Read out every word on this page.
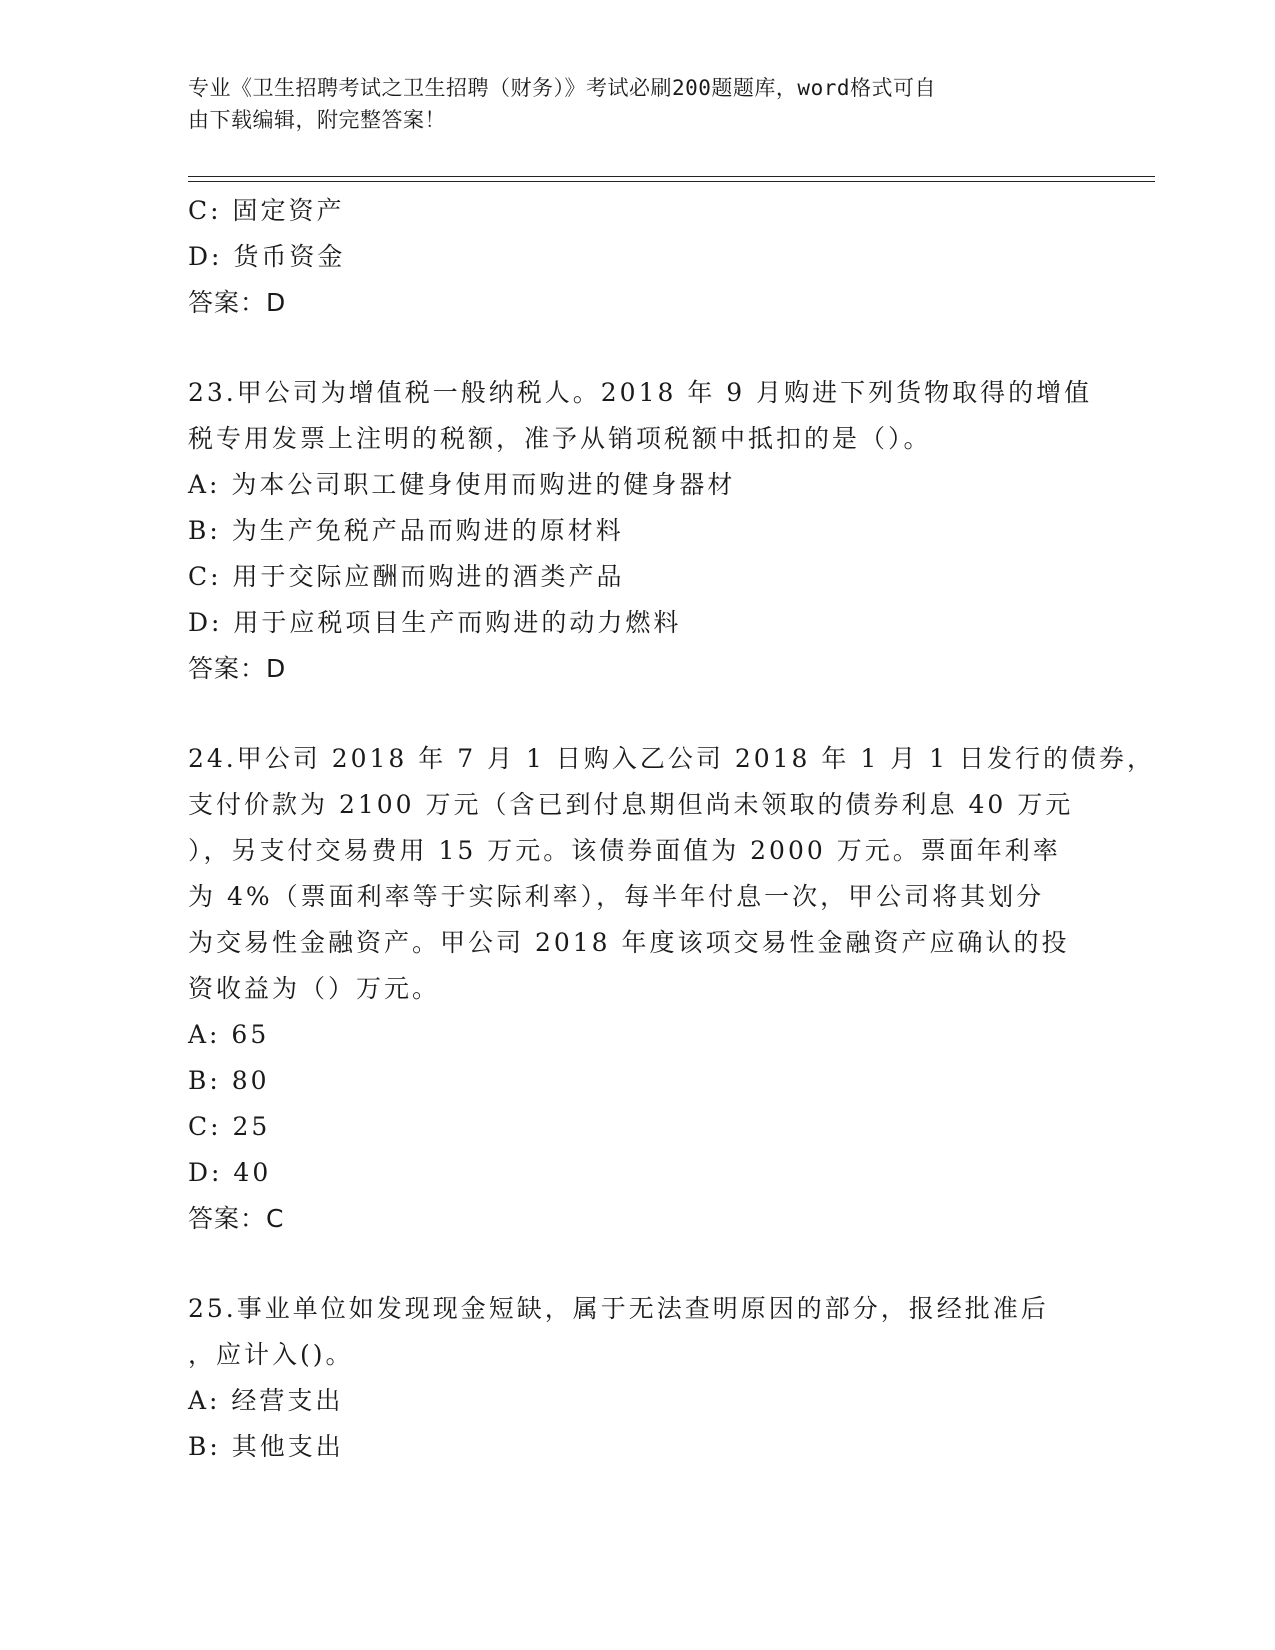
专业《卫生招聘考试之卫生招聘（财务）》考试必刷200题题库，word格式可自
由下载编辑，附完整答案！
C: 固定资产
D: 货币资金
答案：D
23.甲公司为增值税一般纳税人。2018 年 9 月购进下列货物取得的增值
税专用发票上注明的税额，准予从销项税额中抵扣的是（）。
A: 为本公司职工健身使用而购进的健身器材
B: 为生产免税产品而购进的原材料
C: 用于交际应酬而购进的酒类产品
D: 用于应税项目生产而购进的动力燃料
答案：D
24.甲公司 2018 年 7 月 1 日购入乙公司 2018 年 1 月 1 日发行的债券，
支付价款为 2100 万元（含已到付息期但尚未领取的债券利息 40 万元
），另支付交易费用 15 万元。该债券面值为 2000 万元。票面年利率
为 4%（票面利率等于实际利率），每半年付息一次，甲公司将其划分
为交易性金融资产。甲公司 2018 年度该项交易性金融资产应确认的投
资收益为（）万元。
A: 65
B: 80
C: 25
D: 40
答案：C
25.事业单位如发现现金短缺，属于无法查明原因的部分，报经批准后
，应计入()。
A: 经营支出
B: 其他支出
